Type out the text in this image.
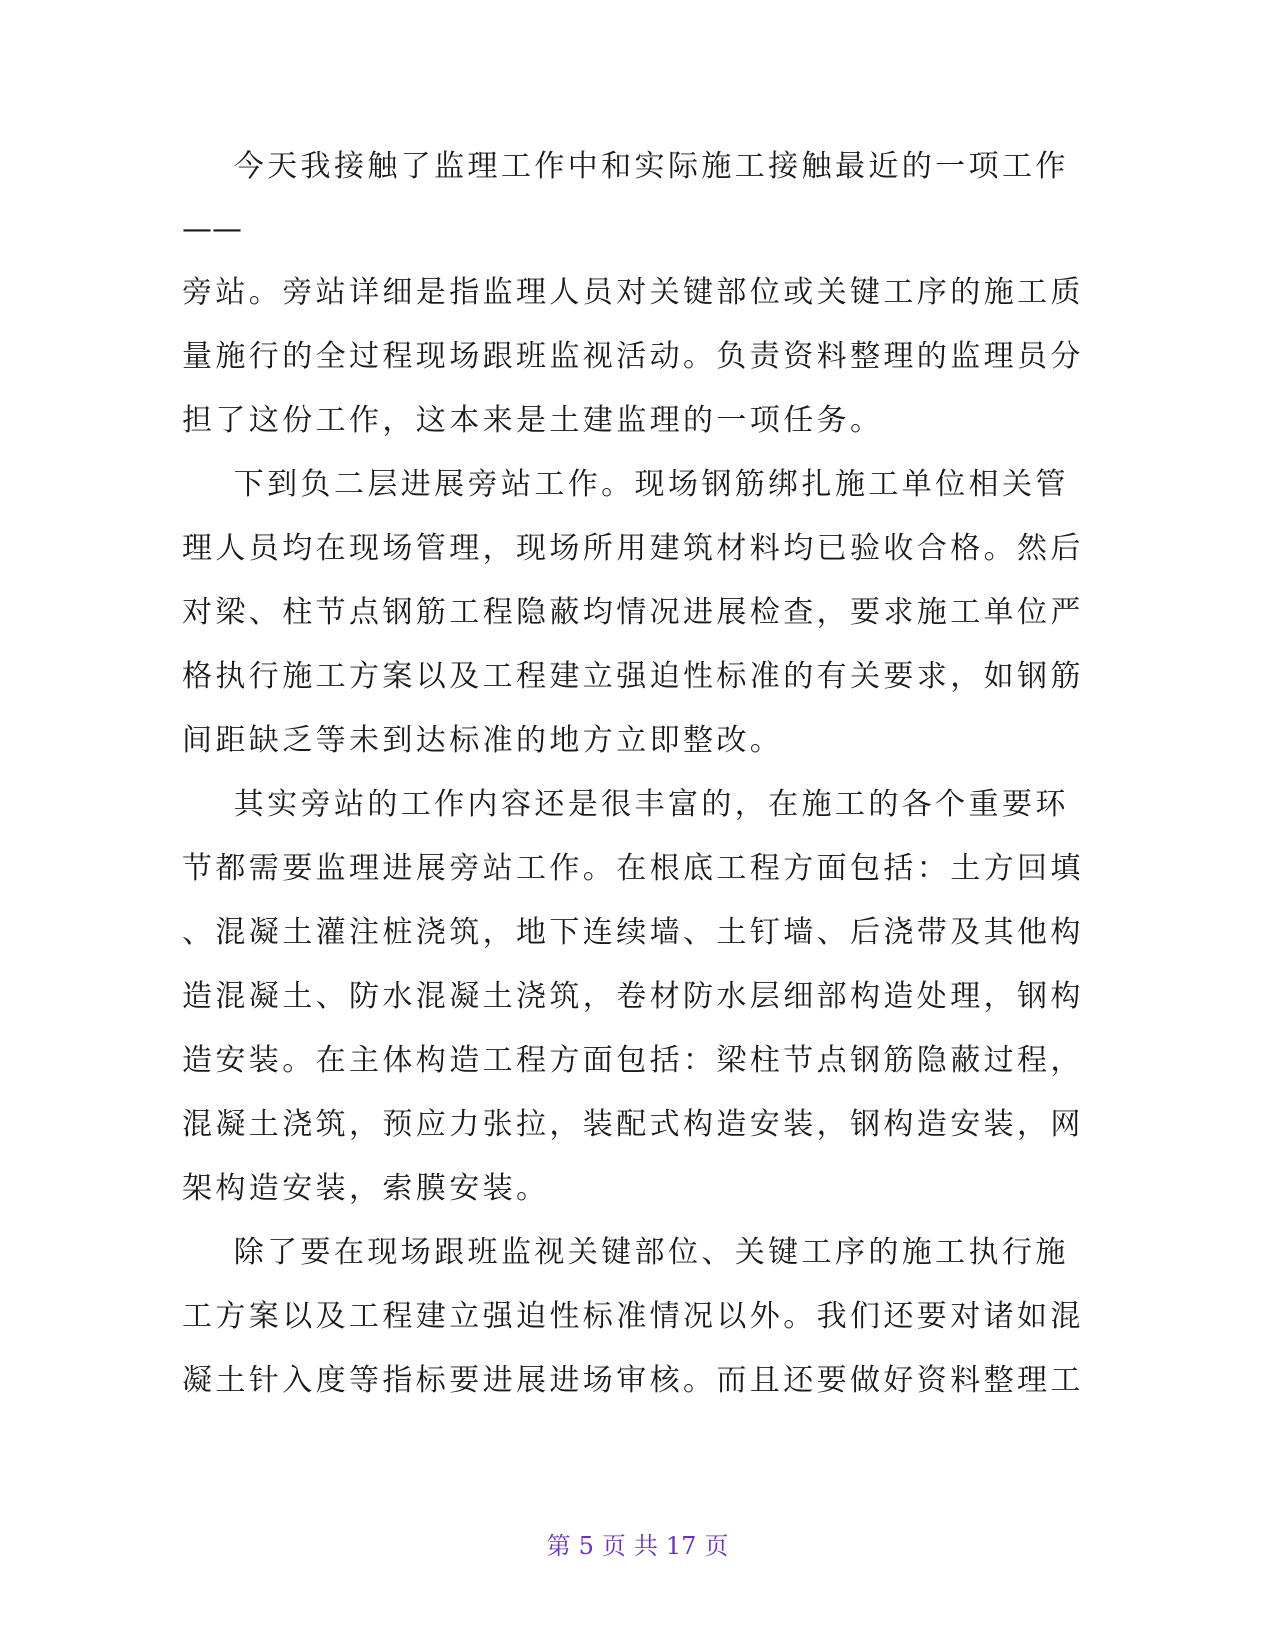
今天我接触了监理工作中和实际施工接触最近的一项工作
——
旁站。旁站详细是指监理人员对关键部位或关键工序的施工质
量施行的全过程现场跟班监视活动。负责资料整理的监理员分
担了这份工作，这本来是土建监理的一项任务。
下到负二层进展旁站工作。现场钢筋绑扎施工单位相关管
理人员均在现场管理，现场所用建筑材料均已验收合格。然后
对梁、柱节点钢筋工程隐蔽均情况进展检查，要求施工单位严
格执行施工方案以及工程建立强迫性标准的有关要求，如钢筋
间距缺乏等未到达标准的地方立即整改。
其实旁站的工作内容还是很丰富的，在施工的各个重要环
节都需要监理进展旁站工作。在根底工程方面包括：土方回填
、混凝土灌注桩浇筑，地下连续墙、土钉墙、后浇带及其他构
造混凝土、防水混凝土浇筑，卷材防水层细部构造处理，钢构
造安装。在主体构造工程方面包括：梁柱节点钢筋隐蔽过程，
混凝土浇筑，预应力张拉，装配式构造安装，钢构造安装，网
架构造安装，索膜安装。
除了要在现场跟班监视关键部位、关键工序的施工执行施
工方案以及工程建立强迫性标准情况以外。我们还要对诸如混
凝土针入度等指标要进展进场审核。而且还要做好资料整理工
第 5 页 共 17 页
